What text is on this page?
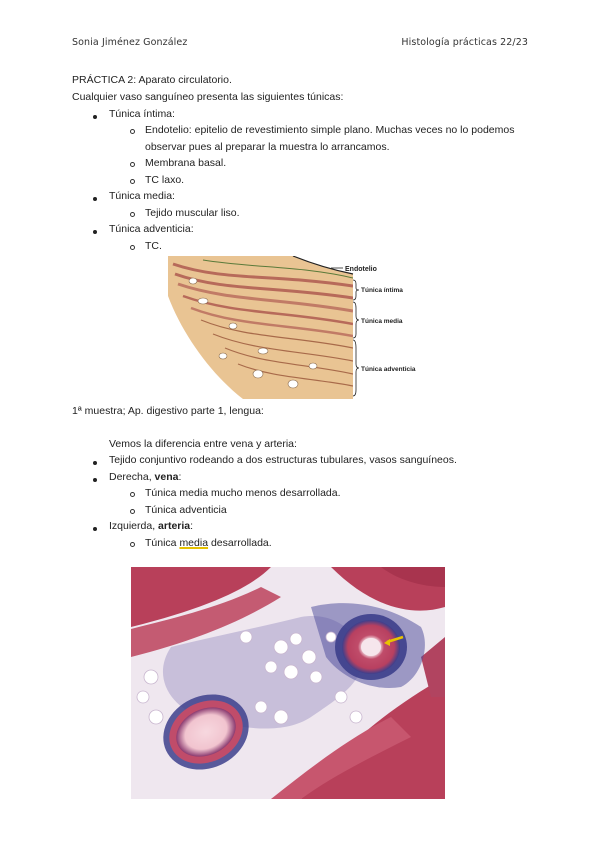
Sonia Jiménez González	Histología prácticas 22/23
PRÁCTICA 2: Aparato circulatorio.
Cualquier vaso sanguíneo presenta las siguientes túnicas:
Túnica íntima:
Endotelio: epitelio de revestimiento simple plano. Muchas veces no lo podemos
observar pues al preparar la muestra lo arrancamos.
Membrana basal.
TC laxo.
Túnica media:
Tejido muscular liso.
Túnica adventicia:
TC.
Endotelio
Túnica íntima
Túnica media
Túnica adventicia
1ª muestra; Ap. digestivo parte 1, lengua:
Vemos la diferencia entre vena y arteria:
Tejido conjuntivo rodeando a dos estructuras tubulares, vasos sanguíneos.
Derecha, vena:
Túnica media mucho menos desarrollada.
Túnica adventicia
Izquierda, arteria:
Túnica media desarrollada.
